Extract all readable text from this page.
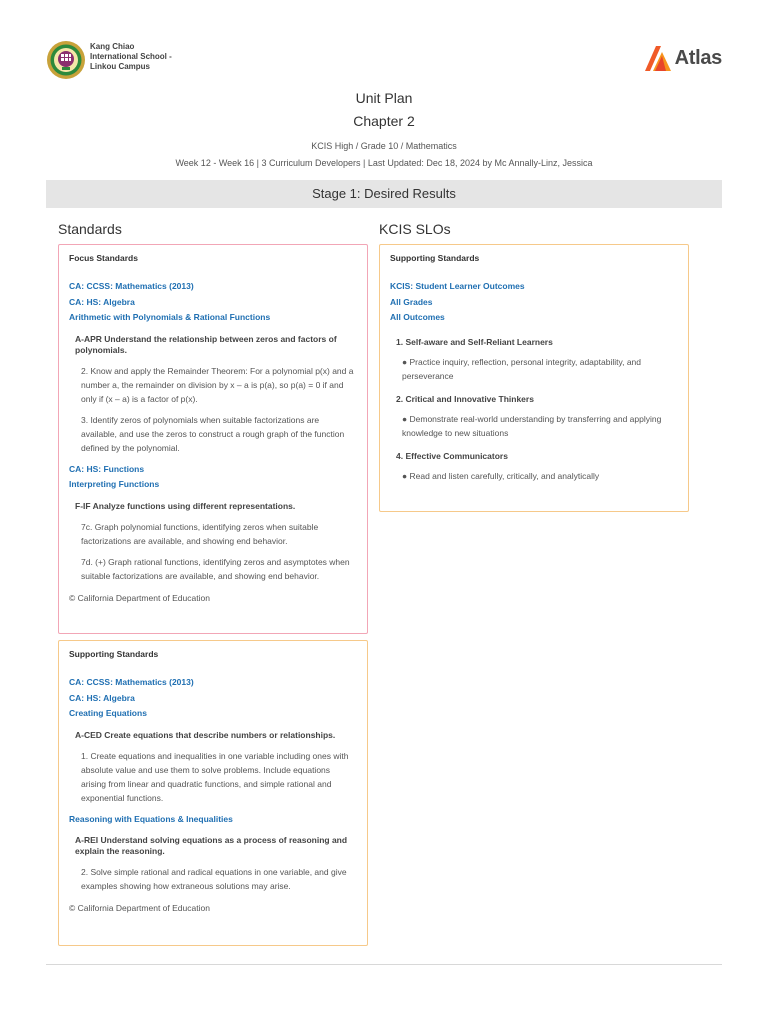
Kang Chiao
International School -
Linkou Campus	Atlas
Unit Plan
Chapter 2
KCIS High / Grade 10 / Mathematics
Week 12 - Week 16 | 3 Curriculum Developers | Last Updated: Dec 18, 2024 by Mc Annally-Linz, Jessica
Stage 1: Desired Results
Standards
Focus Standards
CA: CCSS: Mathematics (2013)
CA: HS: Algebra
Arithmetic with Polynomials & Rational Functions
A-APR Understand the relationship between zeros and factors of polynomials.
2. Know and apply the Remainder Theorem: For a polynomial p(x) and a number a, the remainder on division by x – a is p(a), so p(a) = 0 if and only if (x – a) is a factor of p(x).
3. Identify zeros of polynomials when suitable factorizations are available, and use the zeros to construct a rough graph of the function defined by the polynomial.
CA: HS: Functions
Interpreting Functions
F-IF Analyze functions using different representations.
7c. Graph polynomial functions, identifying zeros when suitable factorizations are available, and showing end behavior.
7d. (+) Graph rational functions, identifying zeros and asymptotes when suitable factorizations are available, and showing end behavior.
© California Department of Education
Supporting Standards
CA: CCSS: Mathematics (2013)
CA: HS: Algebra
Creating Equations
A-CED Create equations that describe numbers or relationships.
1. Create equations and inequalities in one variable including ones with absolute value and use them to solve problems. Include equations arising from linear and quadratic functions, and simple rational and exponential functions.
Reasoning with Equations & Inequalities
A-REI Understand solving equations as a process of reasoning and explain the reasoning.
2. Solve simple rational and radical equations in one variable, and give examples showing how extraneous solutions may arise.
© California Department of Education
KCIS SLOs
Supporting Standards
KCIS: Student Learner Outcomes
All Grades
All Outcomes
1. Self-aware and Self-Reliant Learners
● Practice inquiry, reflection, personal integrity, adaptability, and perseverance
2. Critical and Innovative Thinkers
● Demonstrate real-world understanding by transferring and applying knowledge to new situations
4. Effective Communicators
● Read and listen carefully, critically, and analytically
